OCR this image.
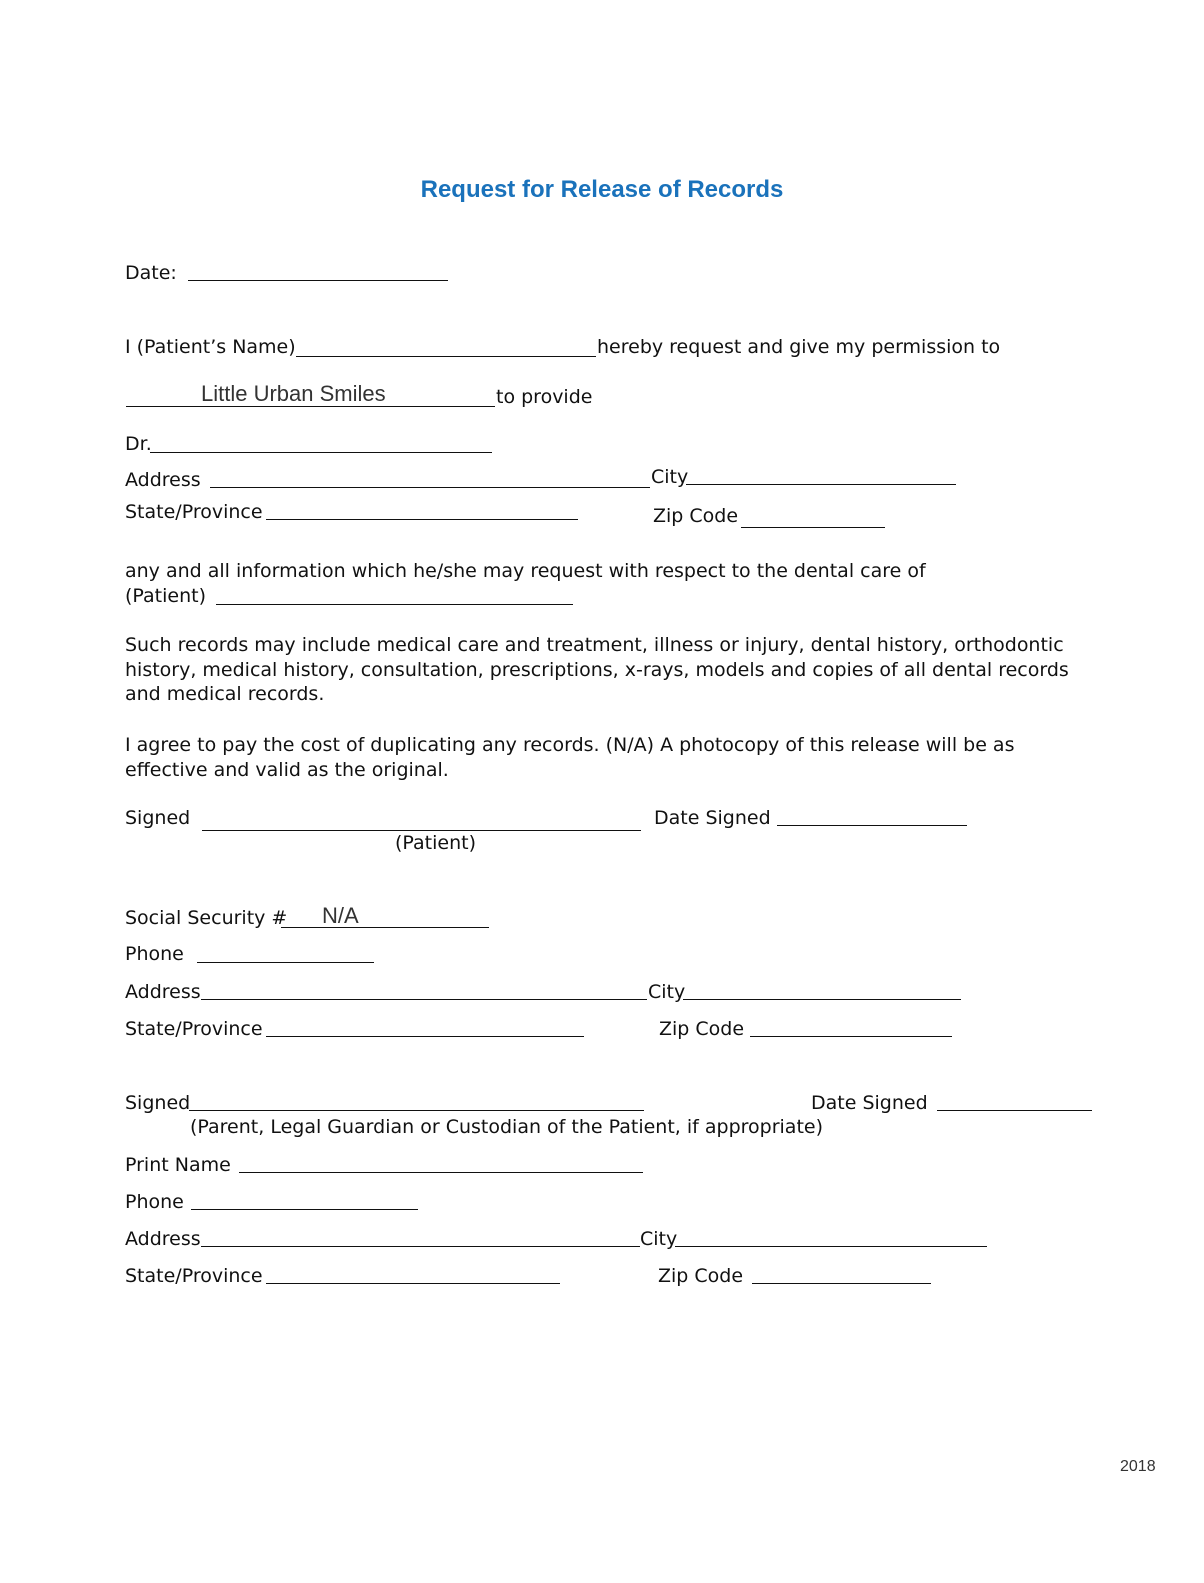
Request for Release of Records
Date:
I (Patient’s Name)	hereby request and give my permission to
Little Urban Smiles	to provide
Dr.
Address	City
State/Province	Zip Code
any and all information which he/she may request with respect to the dental care of
(Patient)
Such records may include medical care and treatment, illness or injury, dental history, orthodontic history, medical history, consultation, prescriptions, x-rays, models and copies of all dental records and medical records.
I agree to pay the cost of duplicating any records. (N/A) A photocopy of this release will be as effective and valid as the original.
Signed	Date Signed
(Patient)
Social Security # N/A
Phone
Address	City
State/Province	Zip Code
Signed	Date Signed
(Parent, Legal Guardian or Custodian of the Patient, if appropriate)
Print Name
Phone
Address	City
State/Province	Zip Code
2018
